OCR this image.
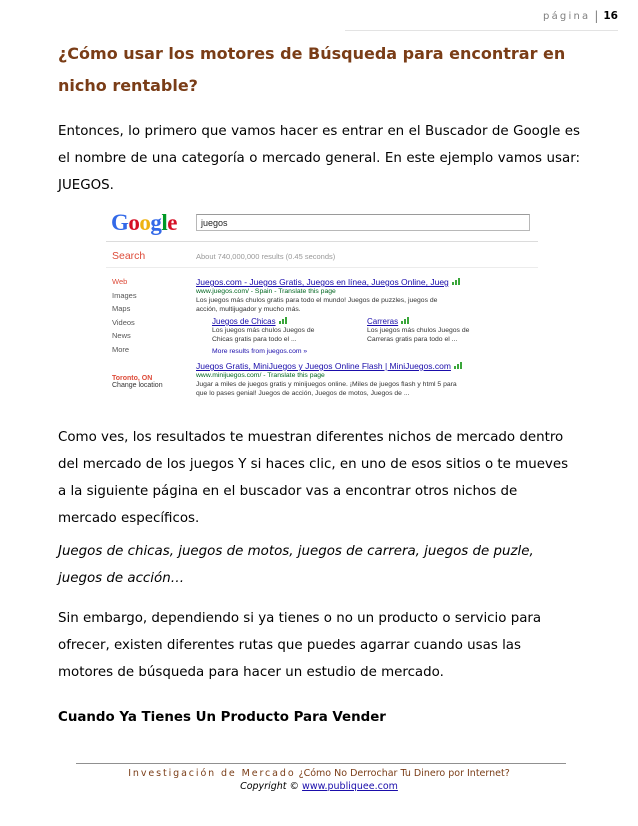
página | 16
¿Cómo usar los motores de Búsqueda para encontrar en nicho rentable?

Entonces, lo primero que vamos hacer es entrar en el Buscador de Google es el nombre de una categoría o mercado general. En este ejemplo vamos usar: JUEGOS.

Google	juegos
Search	About 740,000,000 results (0.45 seconds)
Web
Images
Maps
Videos
News
More
Toronto, ON
Change location
Juegos.com - Juegos Gratis, Juegos en línea, Juegos Online, Jueg
www.juegos.com/ - Spain - Translate this page
Los juegos más chulos gratis para todo el mundo! Juegos de puzzles, juegos de
acción, multijugador y mucho más.
Juegos de Chicas
Los juegos más chulos Juegos de
Chicas gratis para todo el ...
Carreras
Los juegos más chulos Juegos de
Carreras gratis para todo el ...
More results from juegos.com »
Juegos Gratis, MiniJuegos y Juegos Online Flash | MiniJuegos.com
www.minijuegos.com/ - Translate this page
Jugar a miles de juegos gratis y minijuegos online. ¡Miles de juegos flash y html 5 para
que lo pases genial! Juegos de acción, Juegos de motos, Juegos de ...

Como ves, los resultados te muestran diferentes nichos de mercado dentro del mercado de los juegos Y si haces clic, en uno de esos sitios o te mueves a la siguiente página en el buscador vas a encontrar otros nichos de mercado específicos.

Juegos de chicas, juegos de motos, juegos de carrera, juegos de puzle, juegos de acción…

Sin embargo, dependiendo si ya tienes o no un producto o servicio para ofrecer, existen diferentes rutas que puedes agarrar cuando usas las motores de búsqueda para hacer un estudio de mercado.

Cuando Ya Tienes Un Producto Para Vender

Investigación de Mercado ¿Cómo No Derrochar Tu Dinero por Internet?
Copyright © www.publiquee.com
